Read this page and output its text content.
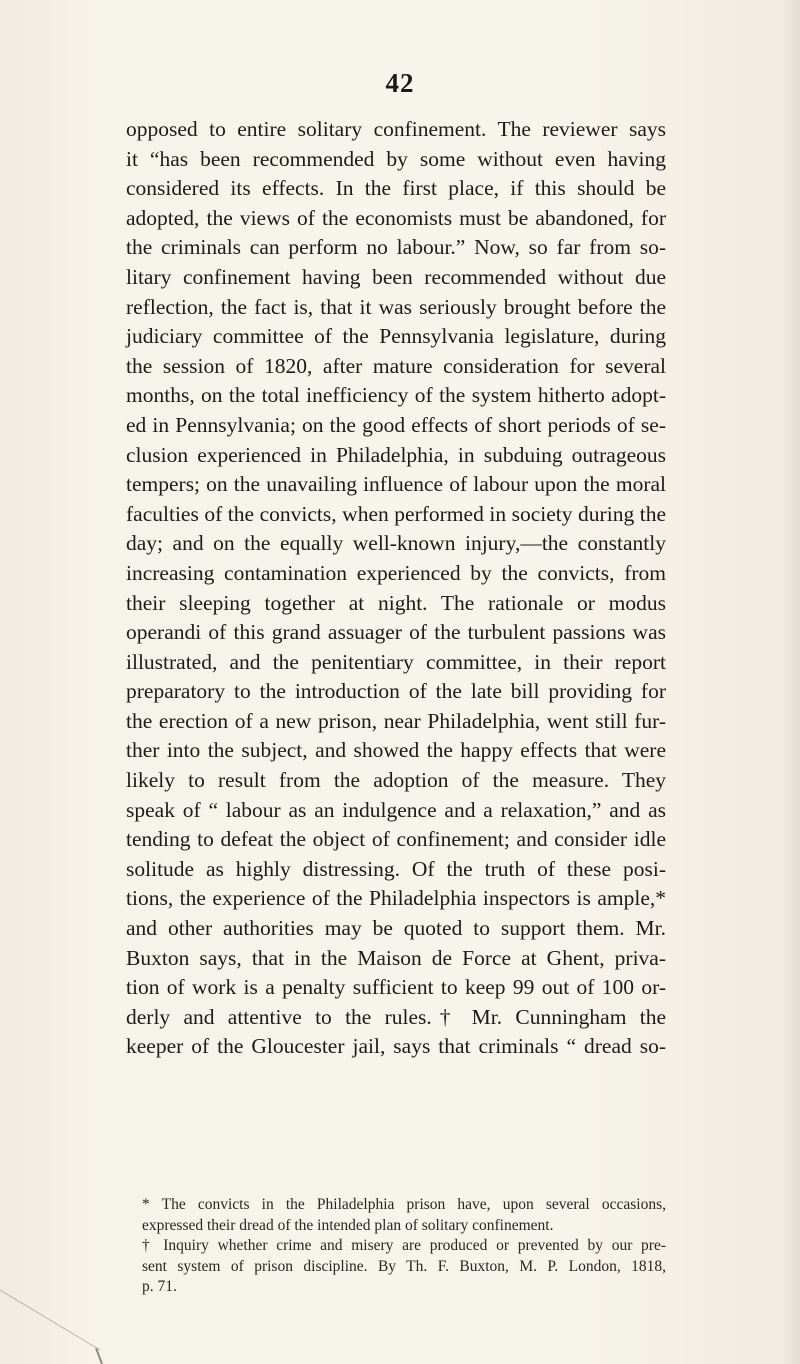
42
opposed to entire solitary confinement. The reviewer says
it “has been recommended by some without even having
considered its effects. In the first place, if this should be
adopted, the views of the economists must be abandoned, for
the criminals can perform no labour.” Now, so far from so-
litary confinement having been recommended without due
reflection, the fact is, that it was seriously brought before the
judiciary committee of the Pennsylvania legislature, during
the session of 1820, after mature consideration for several
months, on the total inefficiency of the system hitherto adopt-
ed in Pennsylvania; on the good effects of short periods of se-
clusion experienced in Philadelphia, in subduing outrageous
tempers; on the unavailing influence of labour upon the moral
faculties of the convicts, when performed in society during the
day; and on the equally well-known injury,—the constantly
increasing contamination experienced by the convicts, from
their sleeping together at night. The rationale or modus
operandi of this grand assuager of the turbulent passions was
illustrated, and the penitentiary committee, in their report
preparatory to the introduction of the late bill providing for
the erection of a new prison, near Philadelphia, went still fur-
ther into the subject, and showed the happy effects that were
likely to result from the adoption of the measure. They
speak of “ labour as an indulgence and a relaxation,” and as
tending to defeat the object of confinement; and consider idle
solitude as highly distressing. Of the truth of these posi-
tions, the experience of the Philadelphia inspectors is ample,*
and other authorities may be quoted to support them. Mr.
Buxton says, that in the Maison de Force at Ghent, priva-
tion of work is a penalty sufficient to keep 99 out of 100 or-
derly and attentive to the rules.† Mr. Cunningham the
keeper of the Gloucester jail, says that criminals “ dread so-
* The convicts in the Philadelphia prison have, upon several occasions,
expressed their dread of the intended plan of solitary confinement.
† Inquiry whether crime and misery are produced or prevented by our pre-
sent system of prison discipline. By Th. F. Buxton, M. P. London, 1818,
p. 71.
